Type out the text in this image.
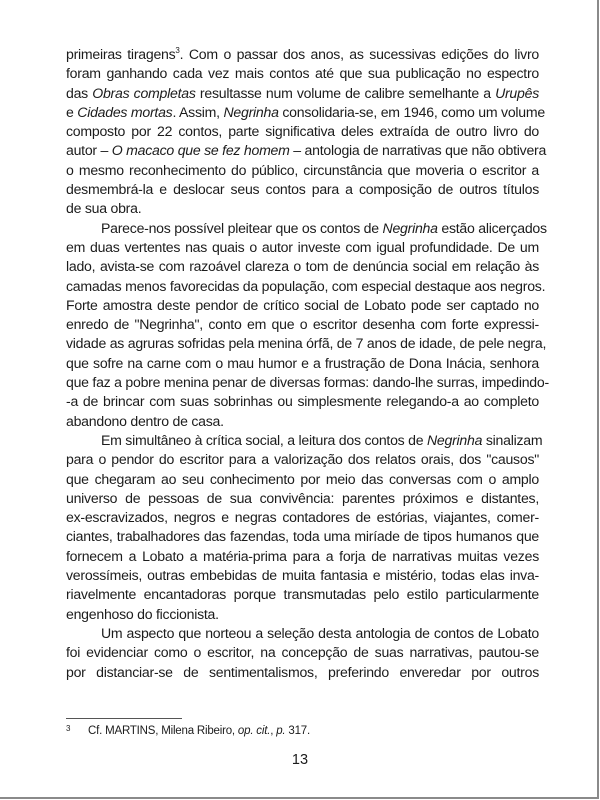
primeiras tiragens$^3$. Com o passar dos anos, as sucessivas edições do livro
foram ganhando cada vez mais contos até que sua publicação no espectro
das Obras completas resultasse num volume de calibre semelhante a Urupês
e Cidades mortas. Assim, Negrinha consolidaria-se, em 1946, como um volume
composto por 22 contos, parte significativa deles extraída de outro livro do
autor – O macaco que se fez homem – antologia de narrativas que não obtivera
o mesmo reconhecimento do público, circunstância que moveria o escritor a
desmembrá-la e deslocar seus contos para a composição de outros títulos
de sua obra.
Parece-nos possível pleitear que os contos de Negrinha estão alicerçados
em duas vertentes nas quais o autor investe com igual profundidade. De um
lado, avista-se com razoável clareza o tom de denúncia social em relação às
camadas menos favorecidas da população, com especial destaque aos negros.
Forte amostra deste pendor de crítico social de Lobato pode ser captado no
enredo de "Negrinha", conto em que o escritor desenha com forte expressi-
vidade as agruras sofridas pela menina órfã, de 7 anos de idade, de pele negra,
que sofre na carne com o mau humor e a frustração de Dona Inácia, senhora
que faz a pobre menina penar de diversas formas: dando-lhe surras, impedindo-
-a de brincar com suas sobrinhas ou simplesmente relegando-a ao completo
abandono dentro de casa.
Em simultâneo à crítica social, a leitura dos contos de Negrinha sinalizam
para o pendor do escritor para a valorização dos relatos orais, dos "causos"
que chegaram ao seu conhecimento por meio das conversas com o amplo
universo de pessoas de sua convivência: parentes próximos e distantes,
ex-escravizados, negros e negras contadores de estórias, viajantes, comer-
ciantes, trabalhadores das fazendas, toda uma miríade de tipos humanos que
fornecem a Lobato a matéria-prima para a forja de narrativas muitas vezes
verossímeis, outras embebidas de muita fantasia e mistério, todas elas inva-
riavelmente encantadoras porque transmutadas pelo estilo particularmente
engenhoso do ficcionista.
Um aspecto que norteou a seleção desta antologia de contos de Lobato
foi evidenciar como o escritor, na concepção de suas narrativas, pautou-se
por distanciar-se de sentimentalismos, preferindo enveredar por outros
3 Cf. MARTINS, Milena Ribeiro, op. cit., p. 317.
13
